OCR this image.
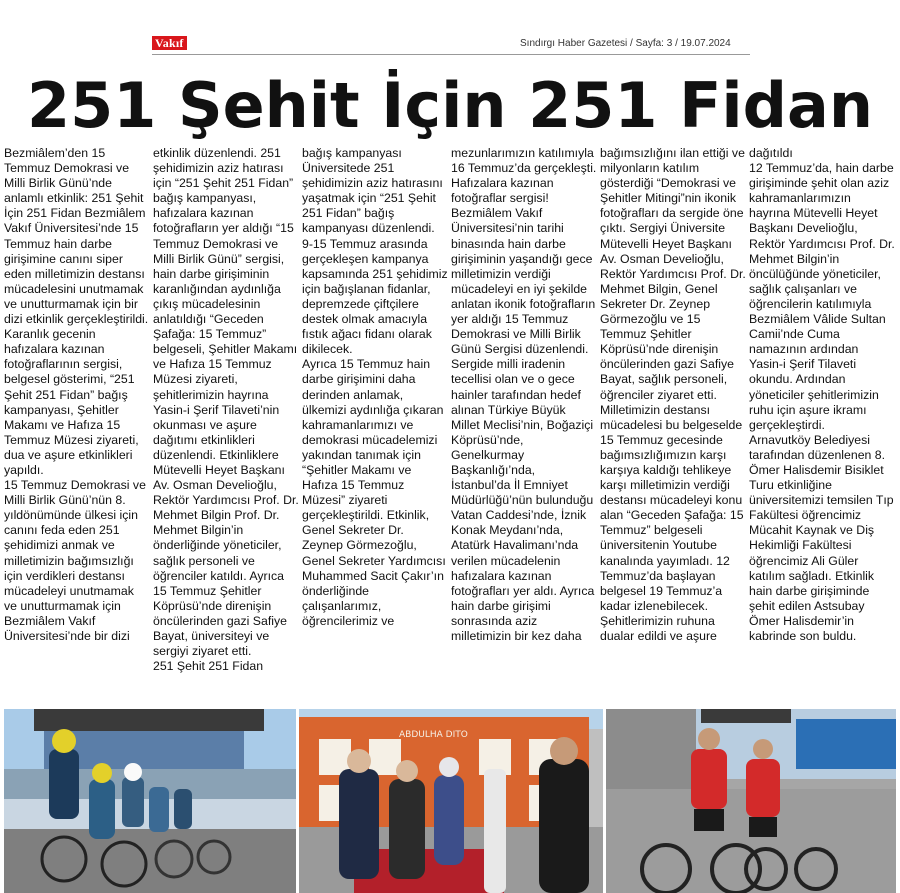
Vakıf	Sındırgı Haber Gazetesi / Sayfa: 3 / 19.07.2024
251 Şehit İçin 251 Fidan

Bezmiâlem’den 15 Temmuz Demokrasi ve Milli Birlik Günü’nde anlamlı etkinlik: 251 Şehit İçin 251 Fidan Bezmiâlem Vakıf Üniversitesi’nde 15 Temmuz hain darbe girişimine canını siper eden milletimizin destansı mücadelesini unutmamak ve unutturmamak için bir dizi etkinlik gerçekleştirildi. Karanlık gecenin hafızalara kazınan fotoğraflarının sergisi, belgesel gösterimi, “251 Şehit 251 Fidan” bağış kampanyası, Şehitler Makamı ve Hafıza 15 Temmuz Müzesi ziyareti, dua ve aşure etkinlikleri yapıldı.

15 Temmuz Demokrasi ve Milli Birlik Günü’nün 8. yıldönümünde ülkesi için canını feda eden 251 şehidimizi anmak ve milletimizin bağımsızlığı için verdikleri destansı mücadeleyi unutmamak ve unutturmamak için Bezmiâlem Vakıf Üniversitesi’nde bir dizi

etkinlik düzenlendi. 251 şehidimizin aziz hatırası için “251 Şehit 251 Fidan” bağış kampanyası, hafızalara kazınan fotoğrafların yer aldığı “15 Temmuz Demokrasi ve Milli Birlik Günü” sergisi, hain darbe girişiminin karanlığından aydınlığa çıkış mücadelesinin anlatıldığı “Geceden Şafağa: 15 Temmuz” belgeseli, Şehitler Makamı ve Hafıza 15 Temmuz Müzesi ziyareti, şehitlerimizin hayrına Yasin-i Şerif Tilaveti’nin okunması ve aşure dağıtımı etkinlikleri düzenlendi. Etkinliklere Mütevelli Heyet Başkanı Av. Osman Develioğlu, Rektör Yardımcısı Prof. Dr. Mehmet Bilgin Prof. Dr. Mehmet Bilgin’in önderliğinde yöneticiler, sağlık personeli ve öğrenciler katıldı. Ayrıca 15 Temmuz Şehitler Köprüsü’nde direnişin öncülerinden gazi Safiye Bayat, üniversiteyi ve sergiyi ziyaret etti.

251 Şehit 251 Fidan

bağış kampanyası Üniversitede 251 şehidimizin aziz hatırasını yaşatmak için “251 Şehit 251 Fidan” bağış kampanyası düzenlendi. 9-15 Temmuz arasında gerçekleşen kampanya kapsamında 251 şehidimiz için bağışlanan fidanlar, depremzede çiftçilere destek olmak amacıyla fıstık ağacı fidanı olarak dikilecek.

Ayrıca 15 Temmuz hain darbe girişimini daha derinden anlamak, ülkemizi aydınlığa çıkaran kahramanlarımızı ve demokrasi mücadelemizi yakından tanımak için “Şehitler Makamı ve Hafıza 15 Temmuz Müzesi” ziyareti gerçekleştirildi. Etkinlik, Genel Sekreter Dr. Zeynep Görmezoğlu, Genel Sekreter Yardımcısı Muhammed Sacit Çakır’ın önderliğinde çalışanlarımız, öğrencilerimiz ve

mezunlarımızın katılımıyla 16 Temmuz’da gerçekleşti. Hafızalara kazınan fotoğraflar sergisi! Bezmiâlem Vakıf Üniversitesi’nin tarihi binasında hain darbe girişiminin yaşandığı gece milletimizin verdiği mücadeleyi en iyi şekilde anlatan ikonik fotoğrafların yer aldığı 15 Temmuz Demokrasi ve Milli Birlik Günü Sergisi düzenlendi. Sergide milli iradenin tecellisi olan ve o gece hainler tarafından hedef alınan Türkiye Büyük Millet Meclisi’nin, Boğaziçi Köprüsü’nde, Genelkurmay Başkanlığı’nda, İstanbul’da İl Emniyet Müdürlüğü’nün bulunduğu Vatan Caddesi’nde, İznik Konak Meydanı’nda, Atatürk Havalimanı’nda verilen mücadelenin hafızalara kazınan fotoğrafları yer aldı. Ayrıca hain darbe girişimi sonrasında aziz milletimizin bir kez daha

bağımsızlığını ilan ettiği ve milyonların katılım gösterdiği “Demokrasi ve Şehitler Mitingi”nin ikonik fotoğrafları da sergide öne çıktı. Sergiyi Üniversite Mütevelli Heyet Başkanı Av. Osman Develioğlu, Rektör Yardımcısı Prof. Dr. Mehmet Bilgin, Genel Sekreter Dr. Zeynep Görmezoğlu ve 15 Temmuz Şehitler Köprüsü’nde direnişin öncülerinden gazi Safiye Bayat, sağlık personeli, öğrenciler ziyaret etti. Milletimizin destansı mücadelesi bu belgeselde

15 Temmuz gecesinde bağımsızlığımızın karşı karşıya kaldığı tehlikeye karşı milletimizin verdiği destansı mücadeleyi konu alan “Geceden Şafağa: 15 Temmuz” belgeseli üniversitenin Youtube kanalında yayımladı. 12 Temmuz’da başlayan belgesel 19 Temmuz’a kadar izlenebilecek. Şehitlerimizin ruhuna dualar edildi ve aşure

dağıtıldı

12 Temmuz’da, hain darbe girişiminde şehit olan aziz kahramanlarımızın hayrına Mütevelli Heyet Başkanı Develioğlu, Rektör Yardımcısı Prof. Dr. Mehmet Bilgin’in öncülüğünde yöneticiler, sağlık çalışanları ve öğrencilerin katılımıyla Bezmiâlem Vâlide Sultan Camii’nde Cuma namazının ardından Yasin-i Şerif Tilaveti okundu. Ardından yöneticiler şehitlerimizin ruhu için aşure ikramı gerçekleştirdi.

Arnavutköy Belediyesi tarafından düzenlenen 8. Ömer Halisdemir Bisiklet Turu etkinliğine üniversitemizi temsilen Tıp Fakültesi öğrencimiz Mücahit Kaynak ve Diş Hekimliği Fakültesi öğrencimiz Ali Güler katılım sağladı. Etkinlik hain darbe girişiminde şehit edilen Astsubay Ömer Halisdemir’in kabrinde son buldu.

ABDULHA DITO
